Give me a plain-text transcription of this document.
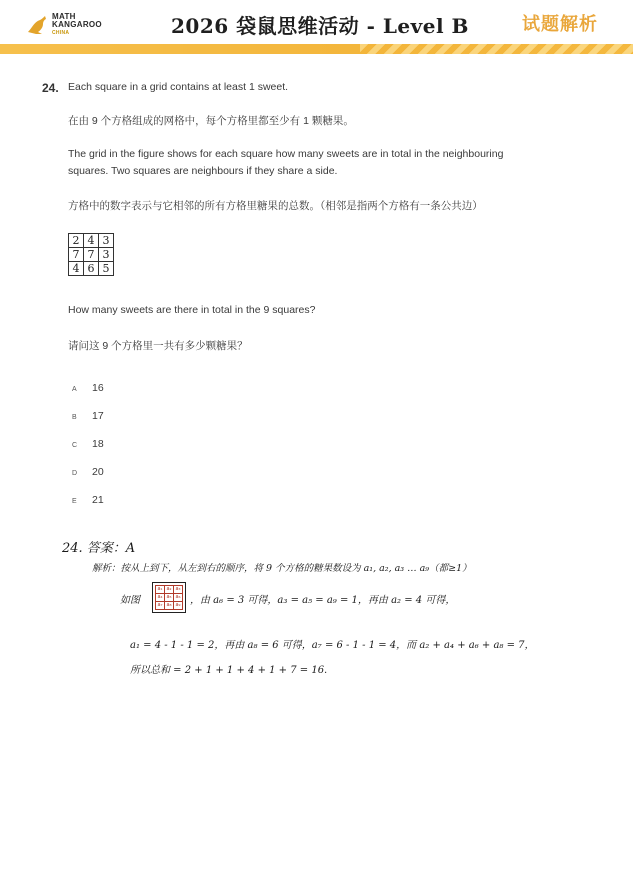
MATH
KANGAROO
CHINA	2026 袋鼠思维活动 - Level B	试题解析
24. Each square in a grid contains at least 1 sweet.
在由 9 个方格组成的网格中，每个方格里都至少有 1 颗糖果。
The grid in the figure shows for each square how many sweets are in total in the neighbouring
squares. Two squares are neighbours if they share a side.
方格中的数字表示与它相邻的所有方格里糖果的总数。（相邻是指两个方格有一条公共边）
2	4	3
7	7	3
4	6	5
How many sweets are there in total in the 9 squares?
请问这 9 个方格里一共有多少颗糖果？
A 16
B 17
C 18
D 20
E 21
24. 答案：A
解析：按从上到下，从左到右的顺序，将 9 个方格的糖果数设为 a₁, a₂, a₃ … a₉（都≥1）
如图
a₁	a₂	a₃
a₄	a₅	a₆
a₇	a₈	a₉ ，由 a₆ = 3 可得，a₃ = a₅ = a₉ = 1，再由 a₂ = 4 可得，
a₁ = 4 - 1 - 1 = 2，再由 a₈ = 6 可得，a₇ = 6 - 1 - 1 = 4，而 a₂ + a₄ + a₆ + a₈ = 7，
所以总和 = 2 + 1 + 1 + 4 + 1 + 7 = 16.
